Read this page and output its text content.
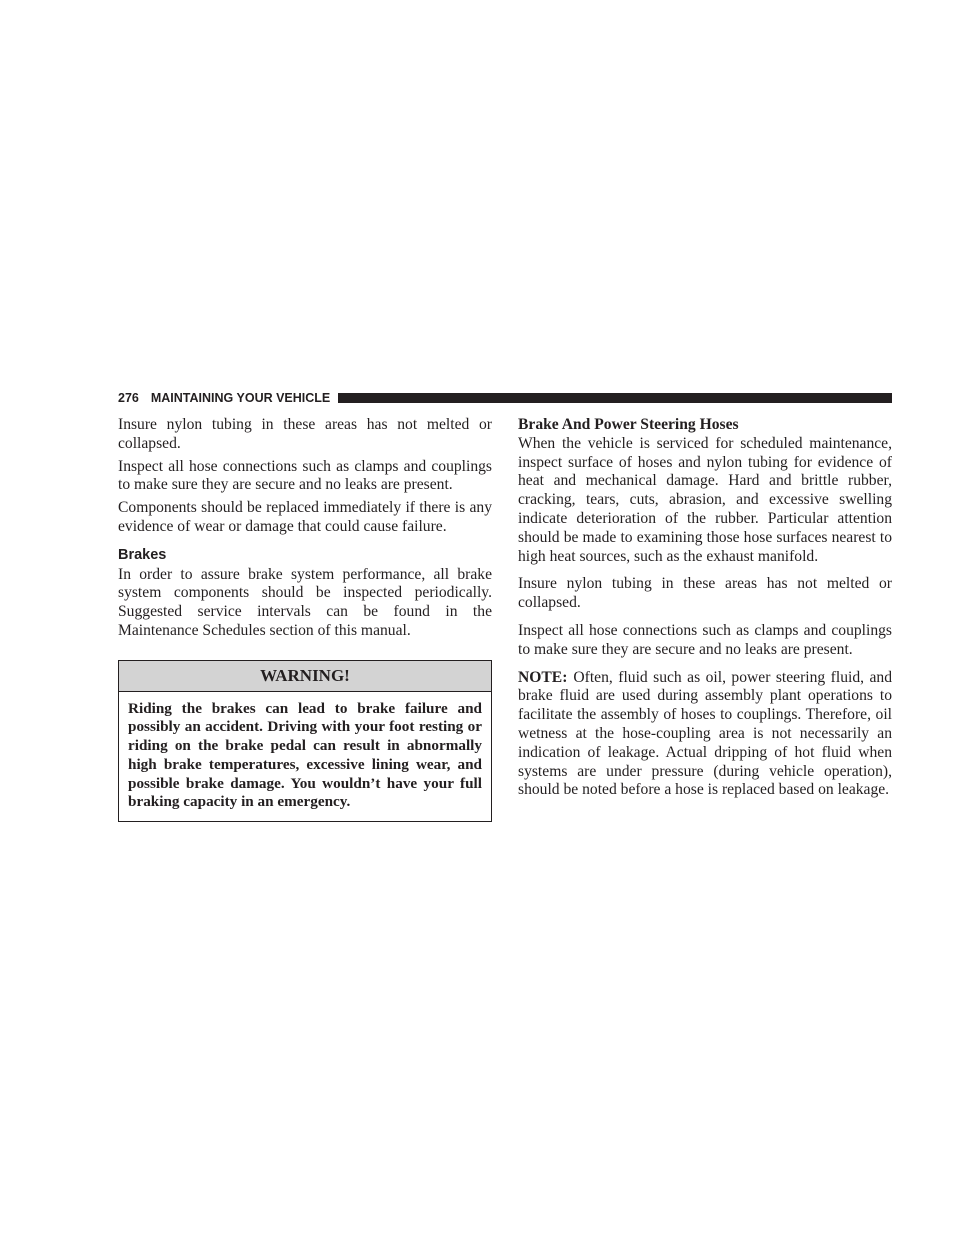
276 MAINTAINING YOUR VEHICLE

Insure nylon tubing in these areas has not melted or collapsed.

Inspect all hose connections such as clamps and couplings to make sure they are secure and no leaks are present.

Components should be replaced immediately if there is any evidence of wear or damage that could cause failure.

Brakes

In order to assure brake system performance, all brake system components should be inspected periodically. Suggested service intervals can be found in the Maintenance Schedules section of this manual.

WARNING!
Riding the brakes can lead to brake failure and possibly an accident. Driving with your foot resting or riding on the brake pedal can result in abnormally high brake temperatures, excessive lining wear, and possible brake damage. You wouldn’t have your full braking capacity in an emergency.

Brake And Power Steering Hoses

When the vehicle is serviced for scheduled maintenance, inspect surface of hoses and nylon tubing for evidence of heat and mechanical damage. Hard and brittle rubber, cracking, tears, cuts, abrasion, and excessive swelling indicate deterioration of the rubber. Particular attention should be made to examining those hose surfaces nearest to high heat sources, such as the exhaust manifold.

Insure nylon tubing in these areas has not melted or collapsed.

Inspect all hose connections such as clamps and couplings to make sure they are secure and no leaks are present.

NOTE: Often, fluid such as oil, power steering fluid, and brake fluid are used during assembly plant operations to facilitate the assembly of hoses to couplings. Therefore, oil wetness at the hose-coupling area is not necessarily an indication of leakage. Actual dripping of hot fluid when systems are under pressure (during vehicle operation), should be noted before a hose is replaced based on leakage.
